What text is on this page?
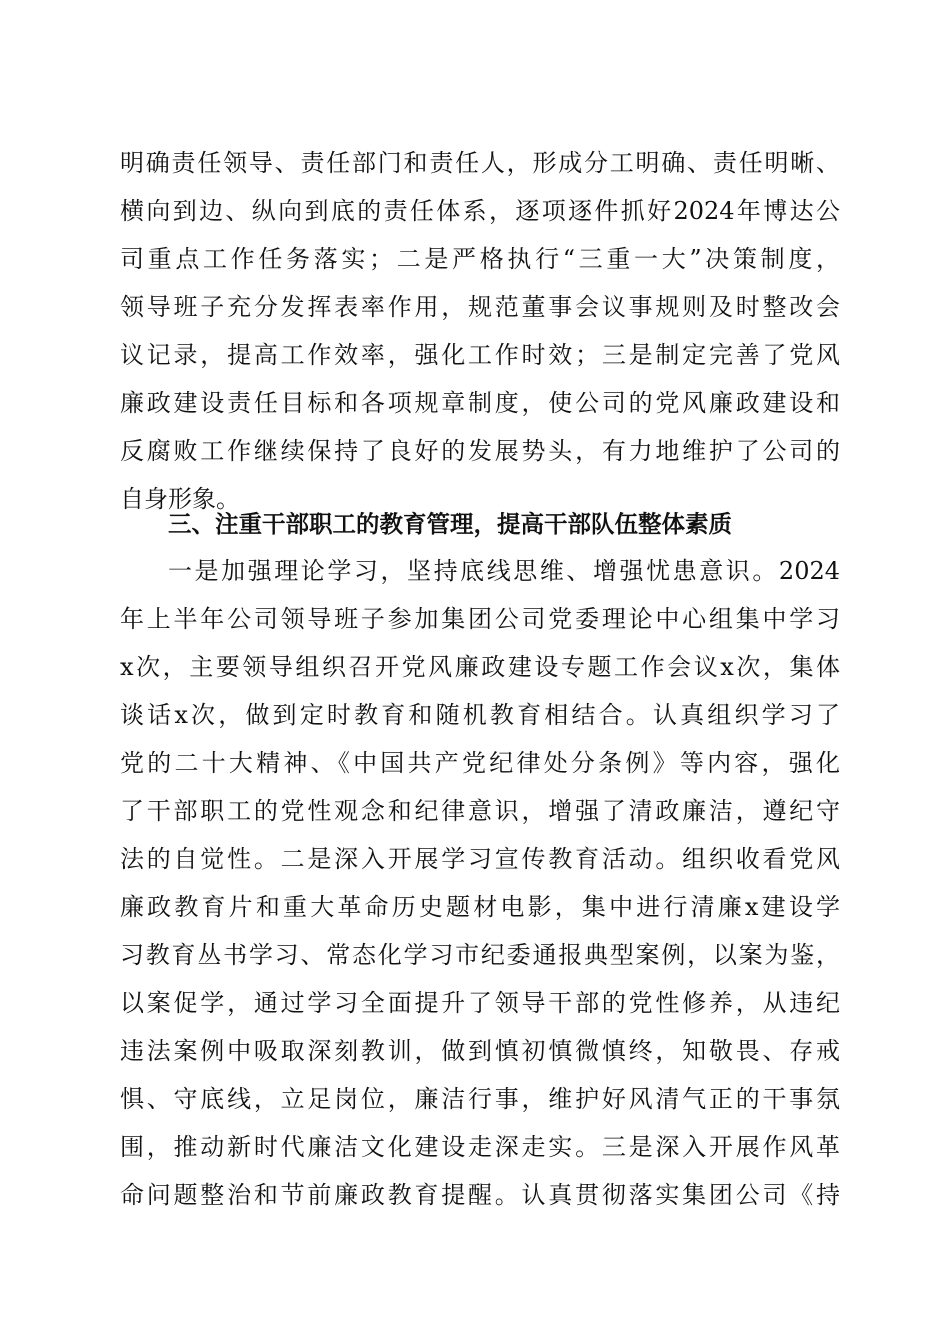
明确责任领导、责任部门和责任人，形成分工明确、责任明晰、
横向到边、纵向到底的责任体系，逐项逐件抓好2024年博达公
司重点工作任务落实；二是严格执行“三重一大”决策制度，
领导班子充分发挥表率作用，规范董事会议事规则及时整改会
议记录，提高工作效率，强化工作时效；三是制定完善了党风
廉政建设责任目标和各项规章制度，使公司的党风廉政建设和
反腐败工作继续保持了良好的发展势头，有力地维护了公司的
自身形象。
三、注重干部职工的教育管理，提高干部队伍整体素质
一是加强理论学习，坚持底线思维、增强忧患意识。2024
年上半年公司领导班子参加集团公司党委理论中心组集中学习
x次，主要领导组织召开党风廉政建设专题工作会议x次，集体
谈话x次，做到定时教育和随机教育相结合。认真组织学习了
党的二十大精神、《中国共产党纪律处分条例》等内容，强化
了干部职工的党性观念和纪律意识，增强了清政廉洁，遵纪守
法的自觉性。二是深入开展学习宣传教育活动。组织收看党风
廉政教育片和重大革命历史题材电影，集中进行清廉x建设学
习教育丛书学习、常态化学习市纪委通报典型案例，以案为鉴，
以案促学，通过学习全面提升了领导干部的党性修养，从违纪
违法案例中吸取深刻教训，做到慎初慎微慎终，知敬畏、存戒
惧、守底线，立足岗位，廉洁行事，维护好风清气正的干事氛
围，推动新时代廉洁文化建设走深走实。三是深入开展作风革
命问题整治和节前廉政教育提醒。认真贯彻落实集团公司《持
